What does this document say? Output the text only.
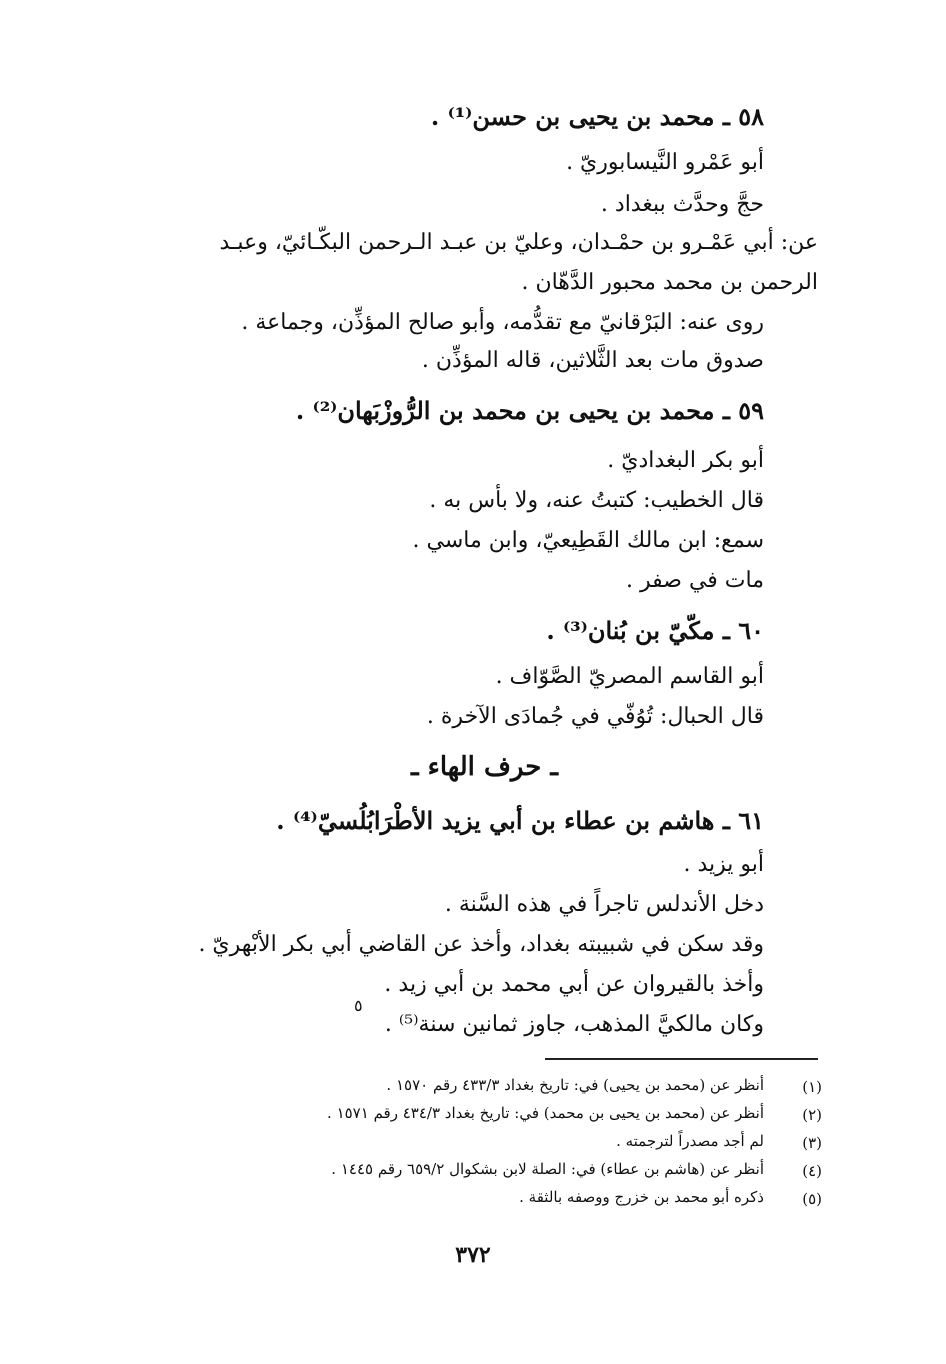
٥٨ ـ محمد بن يحيى بن حسن⁽¹⁾ .
أبو عَمْرو النَّيسابوريّ .
حجَّ وحدَّث ببغداد .
عن: أبي عَمْـرو بن حمْـدان، وعليّ بن عبـد الـرحمن البكّـائيّ، وعبـد
الرحمن بن محمد محبور الدَّهّان .
روى عنه: البَرْقانيّ مع تقدُّمه، وأبو صالح المؤذِّن، وجماعة .
صدوق مات بعد الثَّلاثين، قاله المؤذِّن .
٥٩ ـ محمد بن يحيى بن محمد بن الرُّوزْبَهان⁽²⁾ .
أبو بكر البغداديّ .
قال الخطيب: كتبتُ عنه، ولا بأس به .
سمع: ابن مالك القَطِيعيّ، وابن ماسي .
مات في صفر .
٦٠ ـ مكّيّ بن بُنان⁽³⁾ .
أبو القاسم المصريّ الصَّوّاف .
قال الحبال: تُوُفّي في جُمادَى الآخرة .
ـ حرف الهاء ـ
٦١ ـ هاشم بن عطاء بن أبي يزيد الأطْرَابُلُسيّ⁽⁴⁾ .
أبو يزيد .
دخل الأندلس تاجراً في هذه السَّنة .
وقد سكن في شبيبته بغداد، وأخذ عن القاضي أبي بكر الأبْهريّ .
وأخذ بالقيروان عن أبي محمد بن أبي زيد .
وكان مالكيَّ المذهب، جاوز ثمانين سنة⁽⁵⁾ .
٥
(١)
أنظر عن (محمد بن يحيى) في: تاريخ بغداد ٤٣٣/٣ رقم ١٥٧٠ .
(٢)
أنظر عن (محمد بن يحيى بن محمد) في: تاريخ بغداد ٤٣٤/٣ رقم ١٥٧١ .
(٣)
لم أجد مصدراً لترجمته .
(٤)
أنظر عن (هاشم بن عطاء) في: الصلة لابن بشكوال ٦٥٩/٢ رقم ١٤٤٥ .
(٥)
ذكره أبو محمد بن خزرج ووصفه بالثقة .
٣٧٢
